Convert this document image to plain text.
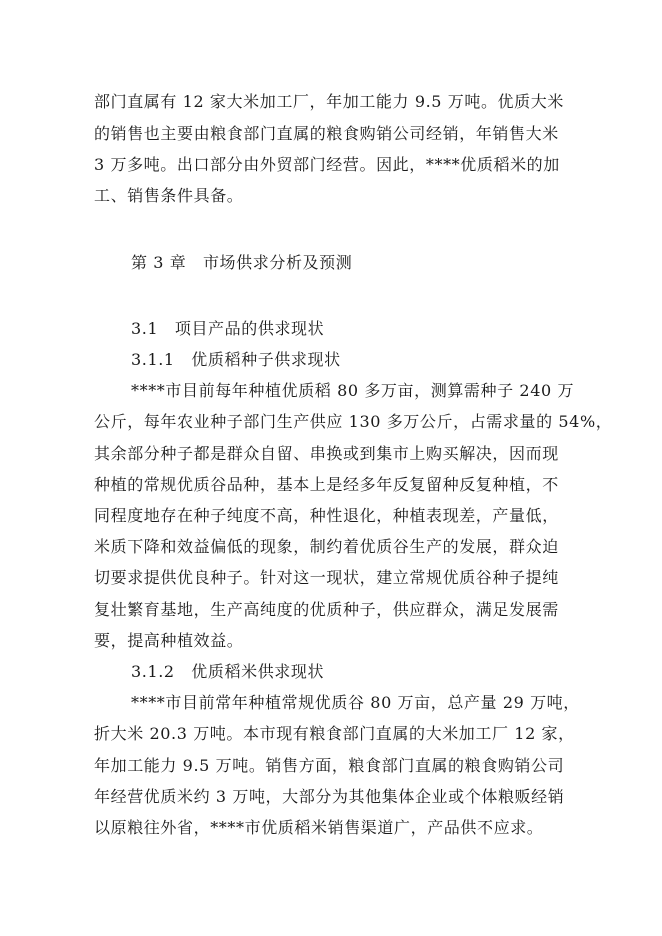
部门直属有 12 家大米加工厂，年加工能力 9.5 万吨。优质大米
的销售也主要由粮食部门直属的粮食购销公司经销，年销售大米
3 万多吨。出口部分由外贸部门经营。因此，****优质稻米的加
工、销售条件具备。
第 3 章　市场供求分析及预测
3.1　项目产品的供求现状
3.1.1　优质稻种子供求现状
****市目前每年种植优质稻 80 多万亩，测算需种子 240 万
公斤，每年农业种子部门生产供应 130 多万公斤，占需求量的 54%，
其余部分种子都是群众自留、串换或到集市上购买解决，因而现
种植的常规优质谷品种，基本上是经多年反复留种反复种植，不
同程度地存在种子纯度不高，种性退化，种植表现差，产量低，
米质下降和效益偏低的现象，制约着优质谷生产的发展，群众迫
切要求提供优良种子。针对这一现状，建立常规优质谷种子提纯
复壮繁育基地，生产高纯度的优质种子，供应群众，满足发展需
要，提高种植效益。
3.1.2　优质稻米供求现状
****市目前常年种植常规优质谷 80 万亩，总产量 29 万吨，
折大米 20.3 万吨。本市现有粮食部门直属的大米加工厂 12 家，
年加工能力 9.5 万吨。销售方面，粮食部门直属的粮食购销公司
年经营优质米约 3 万吨，大部分为其他集体企业或个体粮贩经销
以原粮往外省，****市优质稻米销售渠道广，产品供不应求。
